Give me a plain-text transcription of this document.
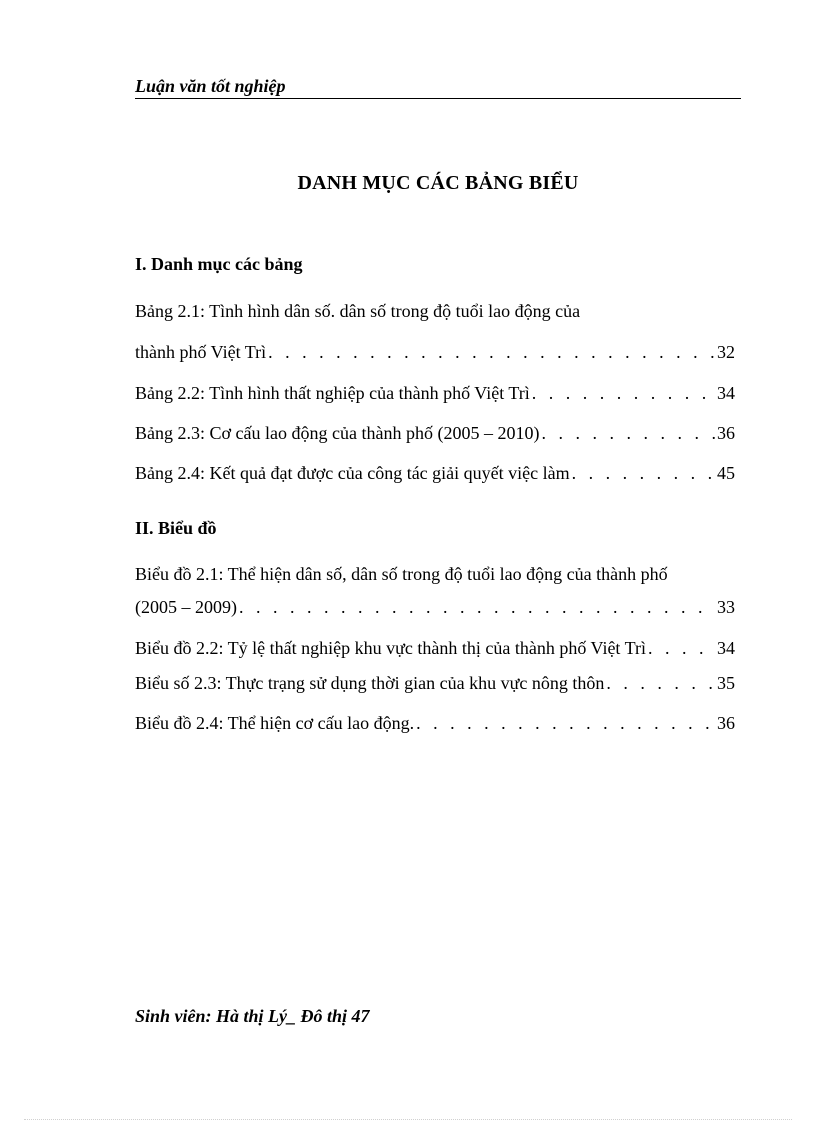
Luận văn tốt nghiệp
DANH MỤC CÁC BẢNG BIỂU
I. Danh mục các bảng
Bảng 2.1: Tình hình dân số. dân số trong độ tuổi lao động của
thành phố Việt Trì . . .	32
Bảng 2.2: Tình hình thất nghiệp của thành phố Việt Trì . . .	34
Bảng 2.3: Cơ cấu lao động của thành phố (2005 – 2010) . . .	36
Bảng 2.4: Kết quả đạt được của công tác giải quyết việc làm . . .	45
II. Biểu đồ
Biểu đồ 2.1: Thể hiện dân số, dân số trong độ tuổi lao động của thành phố
(2005 – 2009) . . .	33
Biểu đồ 2.2: Tỷ lệ thất nghiệp khu vực thành thị của thành phố Việt Trì . . .	34
Biểu số 2.3: Thực trạng sử dụng thời gian của khu vực nông thôn . . .	35
Biểu đồ 2.4: Thể hiện cơ cấu lao động. . . .	36
Sinh viên: Hà thị Lý_ Đô thị 47
